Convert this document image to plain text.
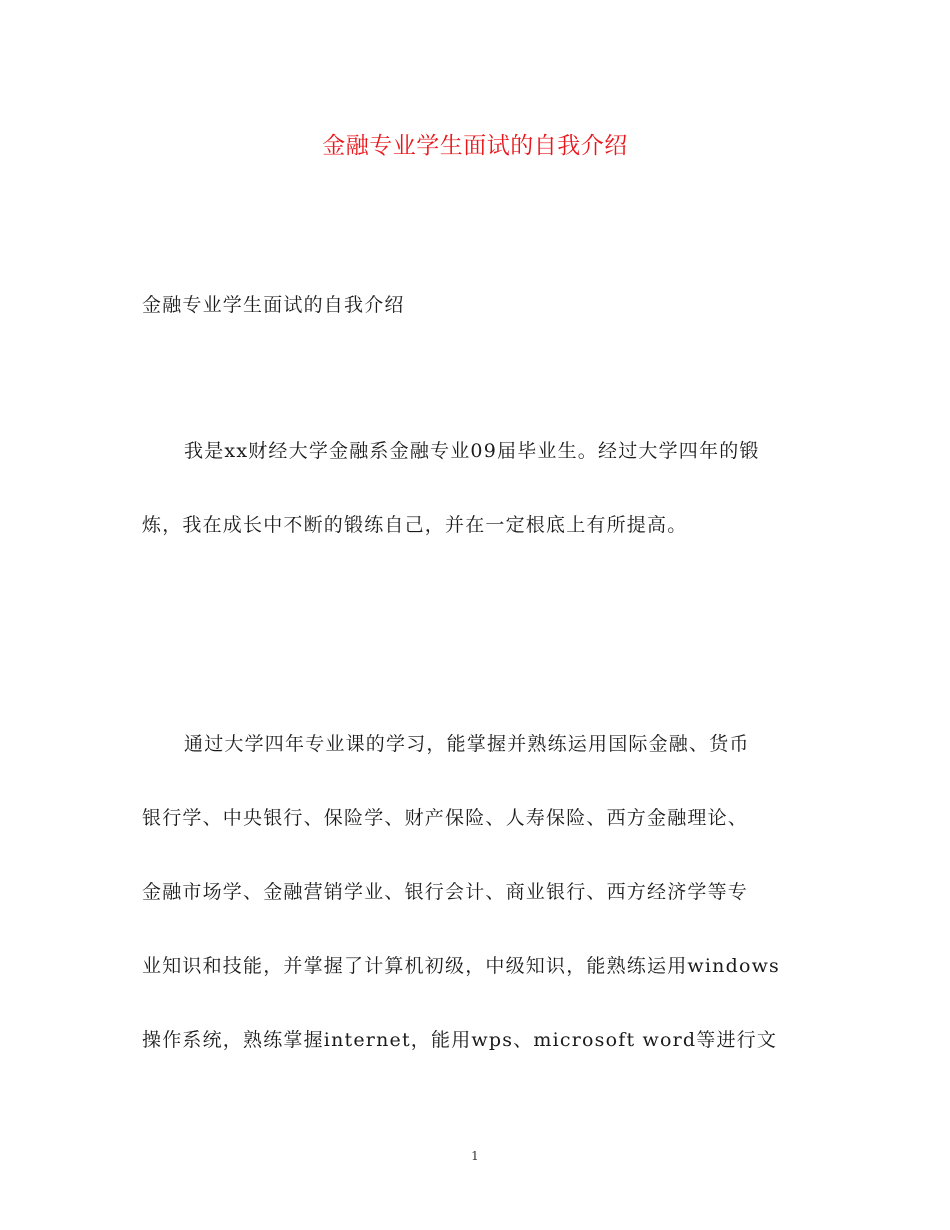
金融专业学生面试的自我介绍
金融专业学生面试的自我介绍
我是xx财经大学金融系金融专业09届毕业生。经过大学四年的锻
炼，我在成长中不断的锻练自己，并在一定根底上有所提高。
通过大学四年专业课的学习，能掌握并熟练运用国际金融、货币
银行学、中央银行、保险学、财产保险、人寿保险、西方金融理论、
金融市场学、金融营销学业、银行会计、商业银行、西方经济学等专
业知识和技能，并掌握了计算机初级，中级知识，能熟练运用windows
操作系统，熟练掌握internet，能用wps、microsoft word等进行文
1
